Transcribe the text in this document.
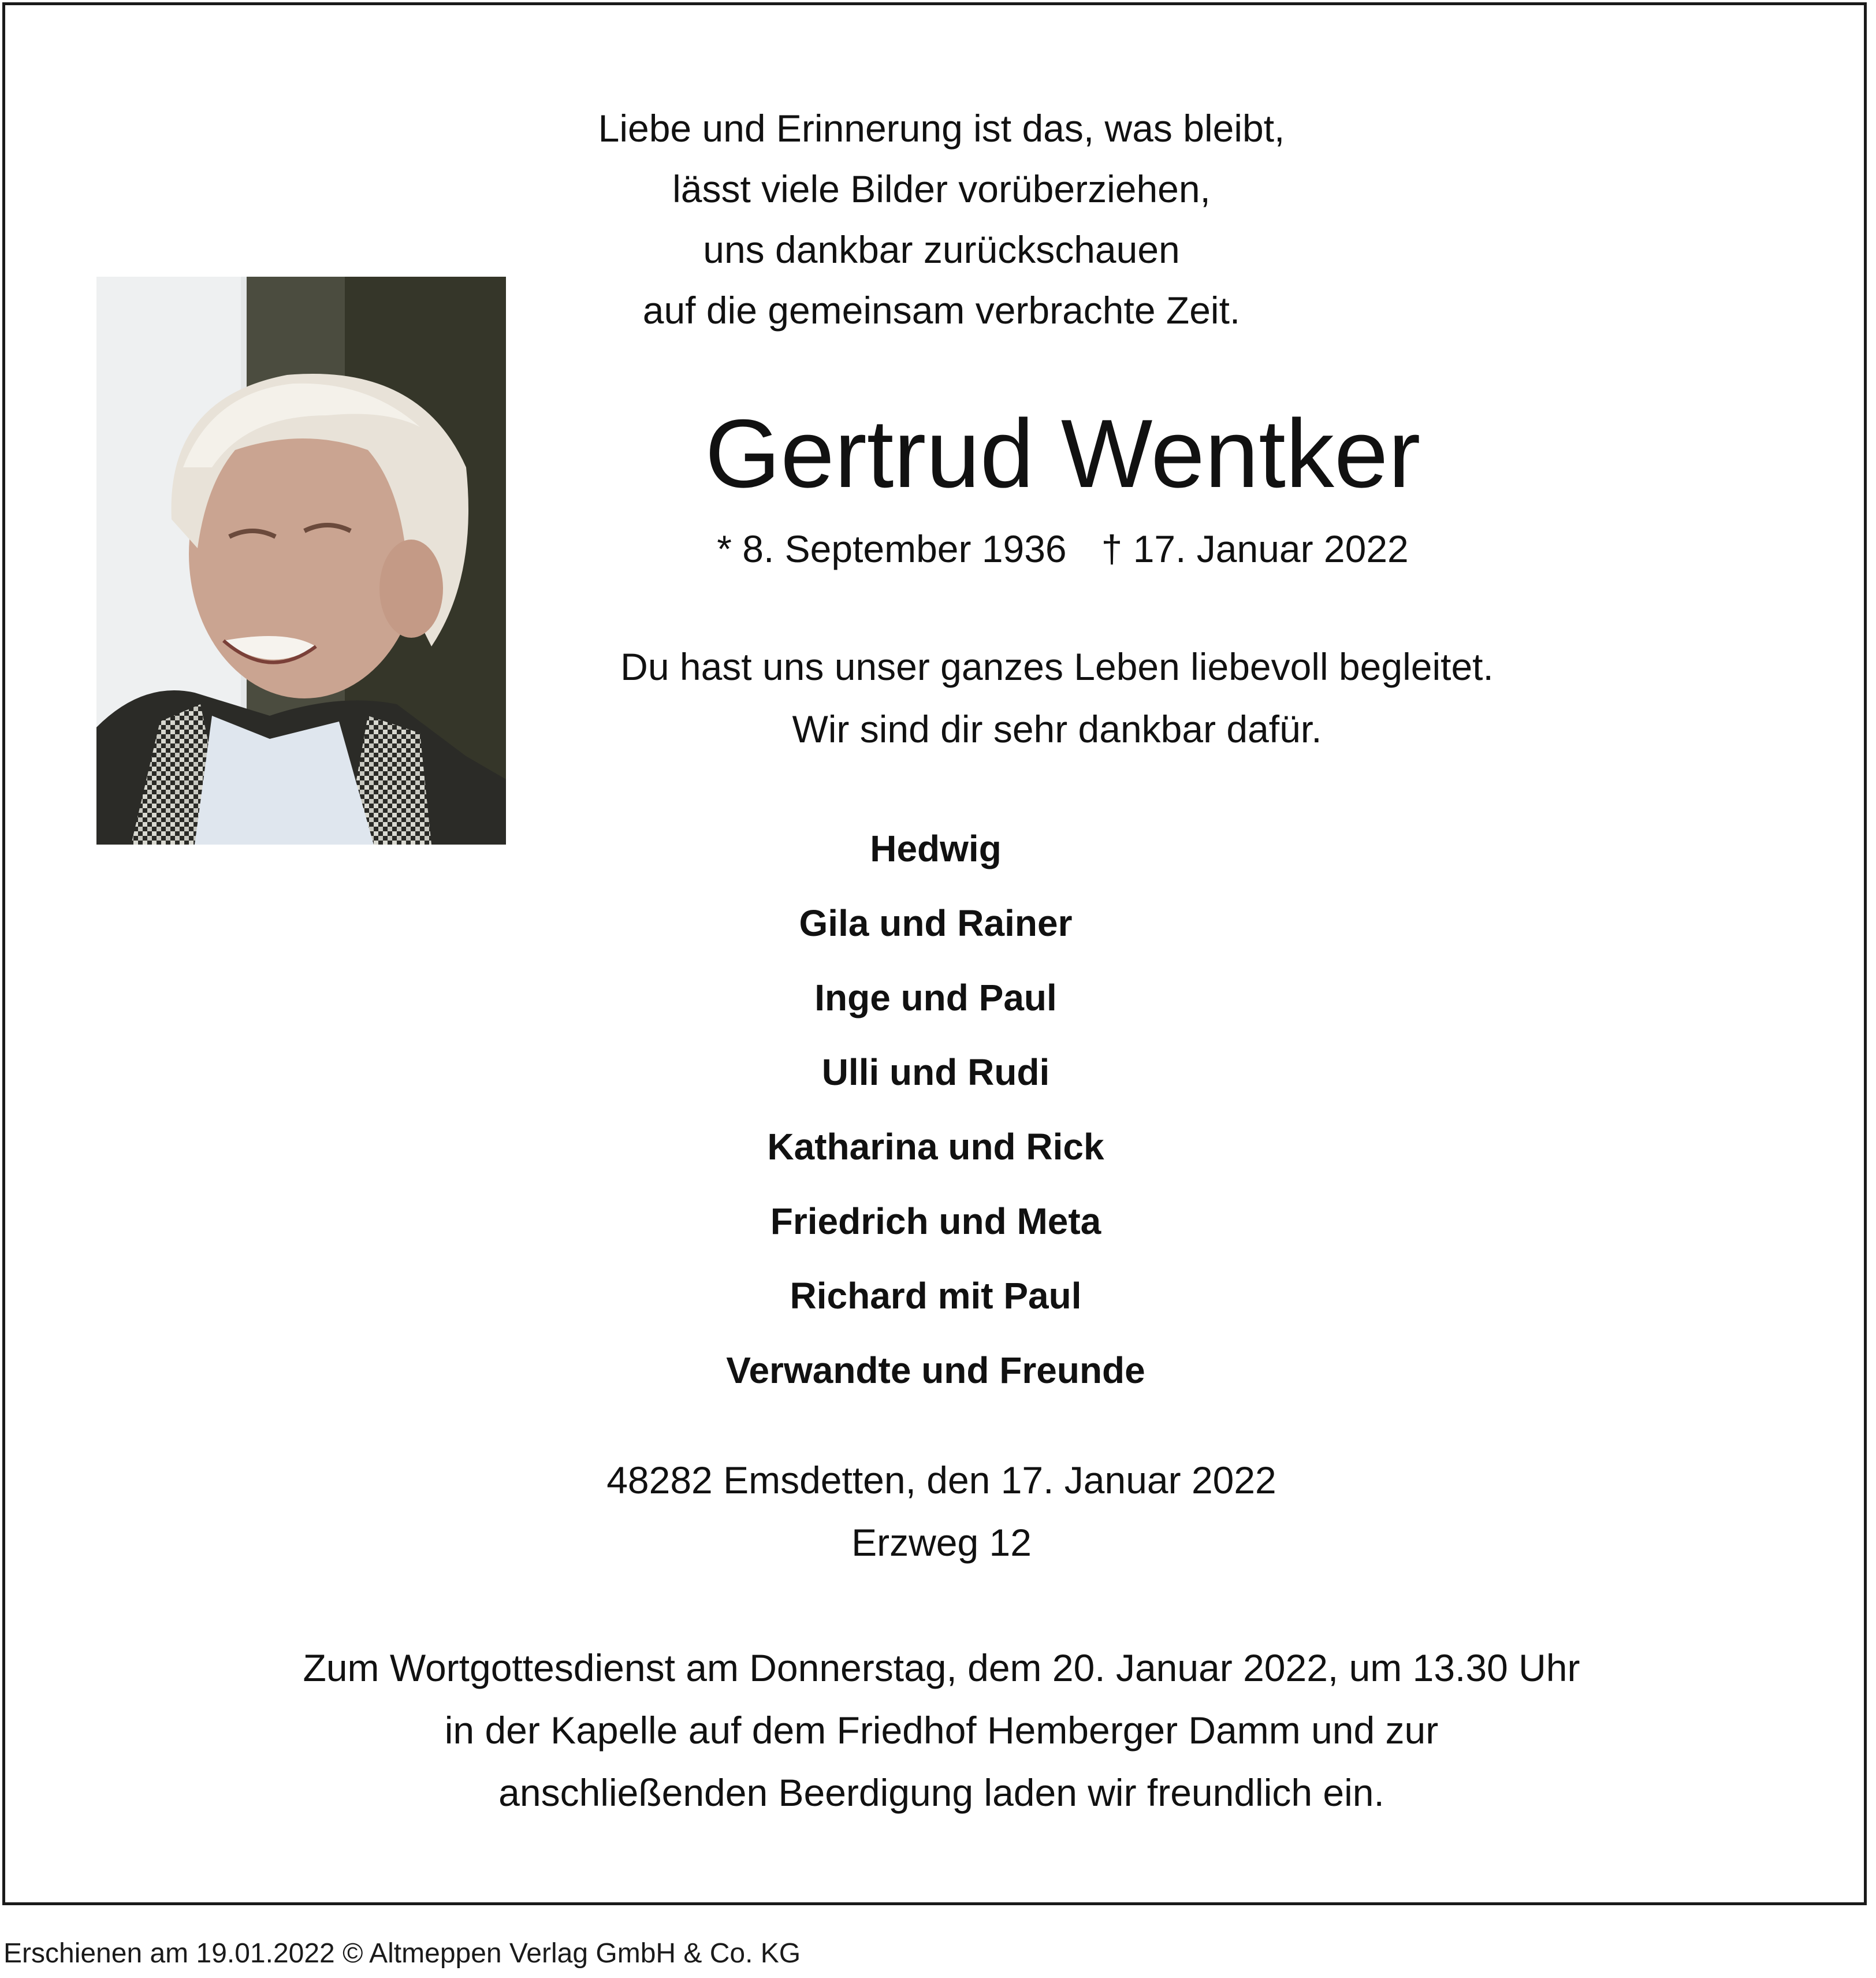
Liebe und Erinnerung ist das, was bleibt,
lässt viele Bilder vorüberziehen,
uns dankbar zurückschauen
auf die gemeinsam verbrachte Zeit.
Gertrud Wentker
* 8. September 1936 † 17. Januar 2022
Du hast uns unser ganzes Leben liebevoll begleitet.
Wir sind dir sehr dankbar dafür.
Hedwig
Gila und Rainer
Inge und Paul
Ulli und Rudi
Katharina und Rick
Friedrich und Meta
Richard mit Paul
Verwandte und Freunde
48282 Emsdetten, den 17. Januar 2022
Erzweg 12
Zum Wortgottesdienst am Donnerstag, dem 20. Januar 2022, um 13.30 Uhr
in der Kapelle auf dem Friedhof Hemberger Damm und zur
anschließenden Beerdigung laden wir freundlich ein.
Erschienen am 19.01.2022 © Altmeppen Verlag GmbH & Co. KG
